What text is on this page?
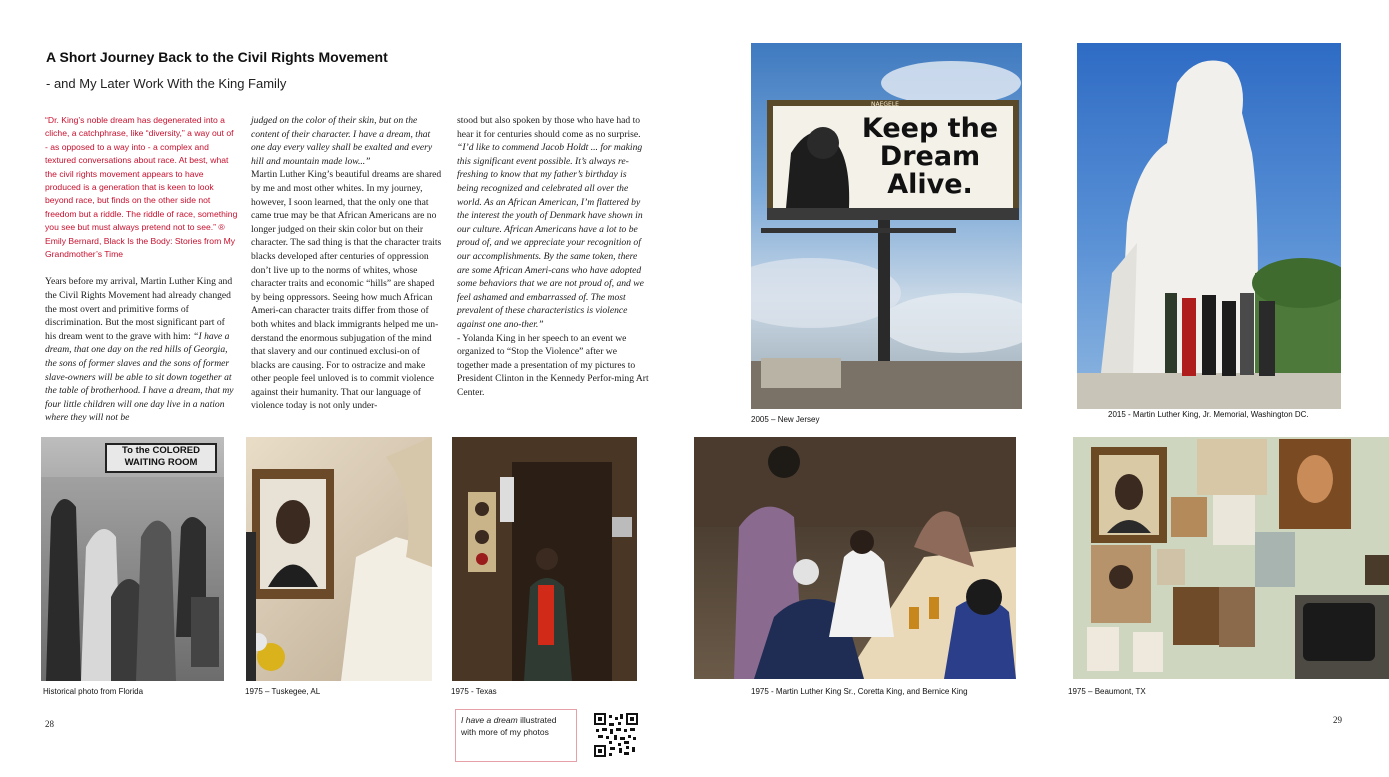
A Short Journey Back to the Civil Rights Movement
- and My Later Work With the King Family

“Dr. King’s noble dream has degenerated into a cliche, a catchphrase, like “diversity,” a way out of - as opposed to a way into - a complex and textured conversations about race. At best, what the civil rights movement appears to have produced is a generation that is keen to look beyond race, but finds on the other side not freedom but a riddle. The riddle of race, something you see but must always pretend not to see.” ® Emily Bernard, Black Is the Body: Stories from My Grandmother’s Time

Years before my arrival, Martin Luther King and the Civil Rights Movement had already changed the most overt and primitive forms of discrimination. But the most significant part of his dream went to the grave with him: “I have a dream, that one day on the red hills of Georgia, the sons of former slaves and the sons of former slave-owners will be able to sit down together at the table of brotherhood. I have a dream, that my four little children will one day live in a nation where they will not be

judged on the color of their skin, but on the content of their character. I have a dream, that one day every valley shall be exalted and every hill and mountain made low...”

Martin Luther King’s beautiful dreams are shared by me and most other whites. In my journey, however, I soon learned, that the only one that came true may be that African Americans are no longer judged on their skin color but on their character. The sad thing is that the character traits blacks developed after centuries of oppression don’t live up to the norms of whites, whose character traits and economic “hills” are shaped by being oppressors. Seeing how much African Ameri-can character traits differ from those of both whites and black immigrants helped me un-derstand the enormous subjugation of the mind that slavery and our continued exclusi-on of blacks are causing. For to ostracize and make other people feel unloved is to commit violence against their humanity. That our language of violence today is not only under-

stood but also spoken by those who have had to hear it for centuries should come as no surprise.

“I’d like to commend Jacob Holdt ... for making this significant event possible. It’s always re-freshing to know that my father’s birthday is being recognized and celebrated all over the world. As an African American, I’m flattered by the interest the youth of Denmark have shown in our culture. African Americans have a lot to be proud of, and we appreciate your recognition of our accomplishments. By the same token, there are some African Ameri-cans who have adopted some behaviors that we are not proud of, and we feel ashamed and embarrassed of. The most prevalent of these characteristics is violence against one ano-ther.”

- Yolanda King in her speech to an event we organized to “Stop the Violence” after we together made a presentation of my pictures to President Clinton in the Kennedy Perfor-ming Art Center.

NAEGELE
Keep the
Dream
Alive.
2005 – New Jersey
2015 - Martin Luther King, Jr. Memorial, Washington DC.
To the COLORED
WAITING ROOM
Historical photo from Florida	1975 – Tuskegee, AL	1975 - Texas	1975 - Martin Luther King Sr., Coretta King, and Bernice King	1975 – Beaumont, TX
28	29
I have a dream illustrated with more of my photos
